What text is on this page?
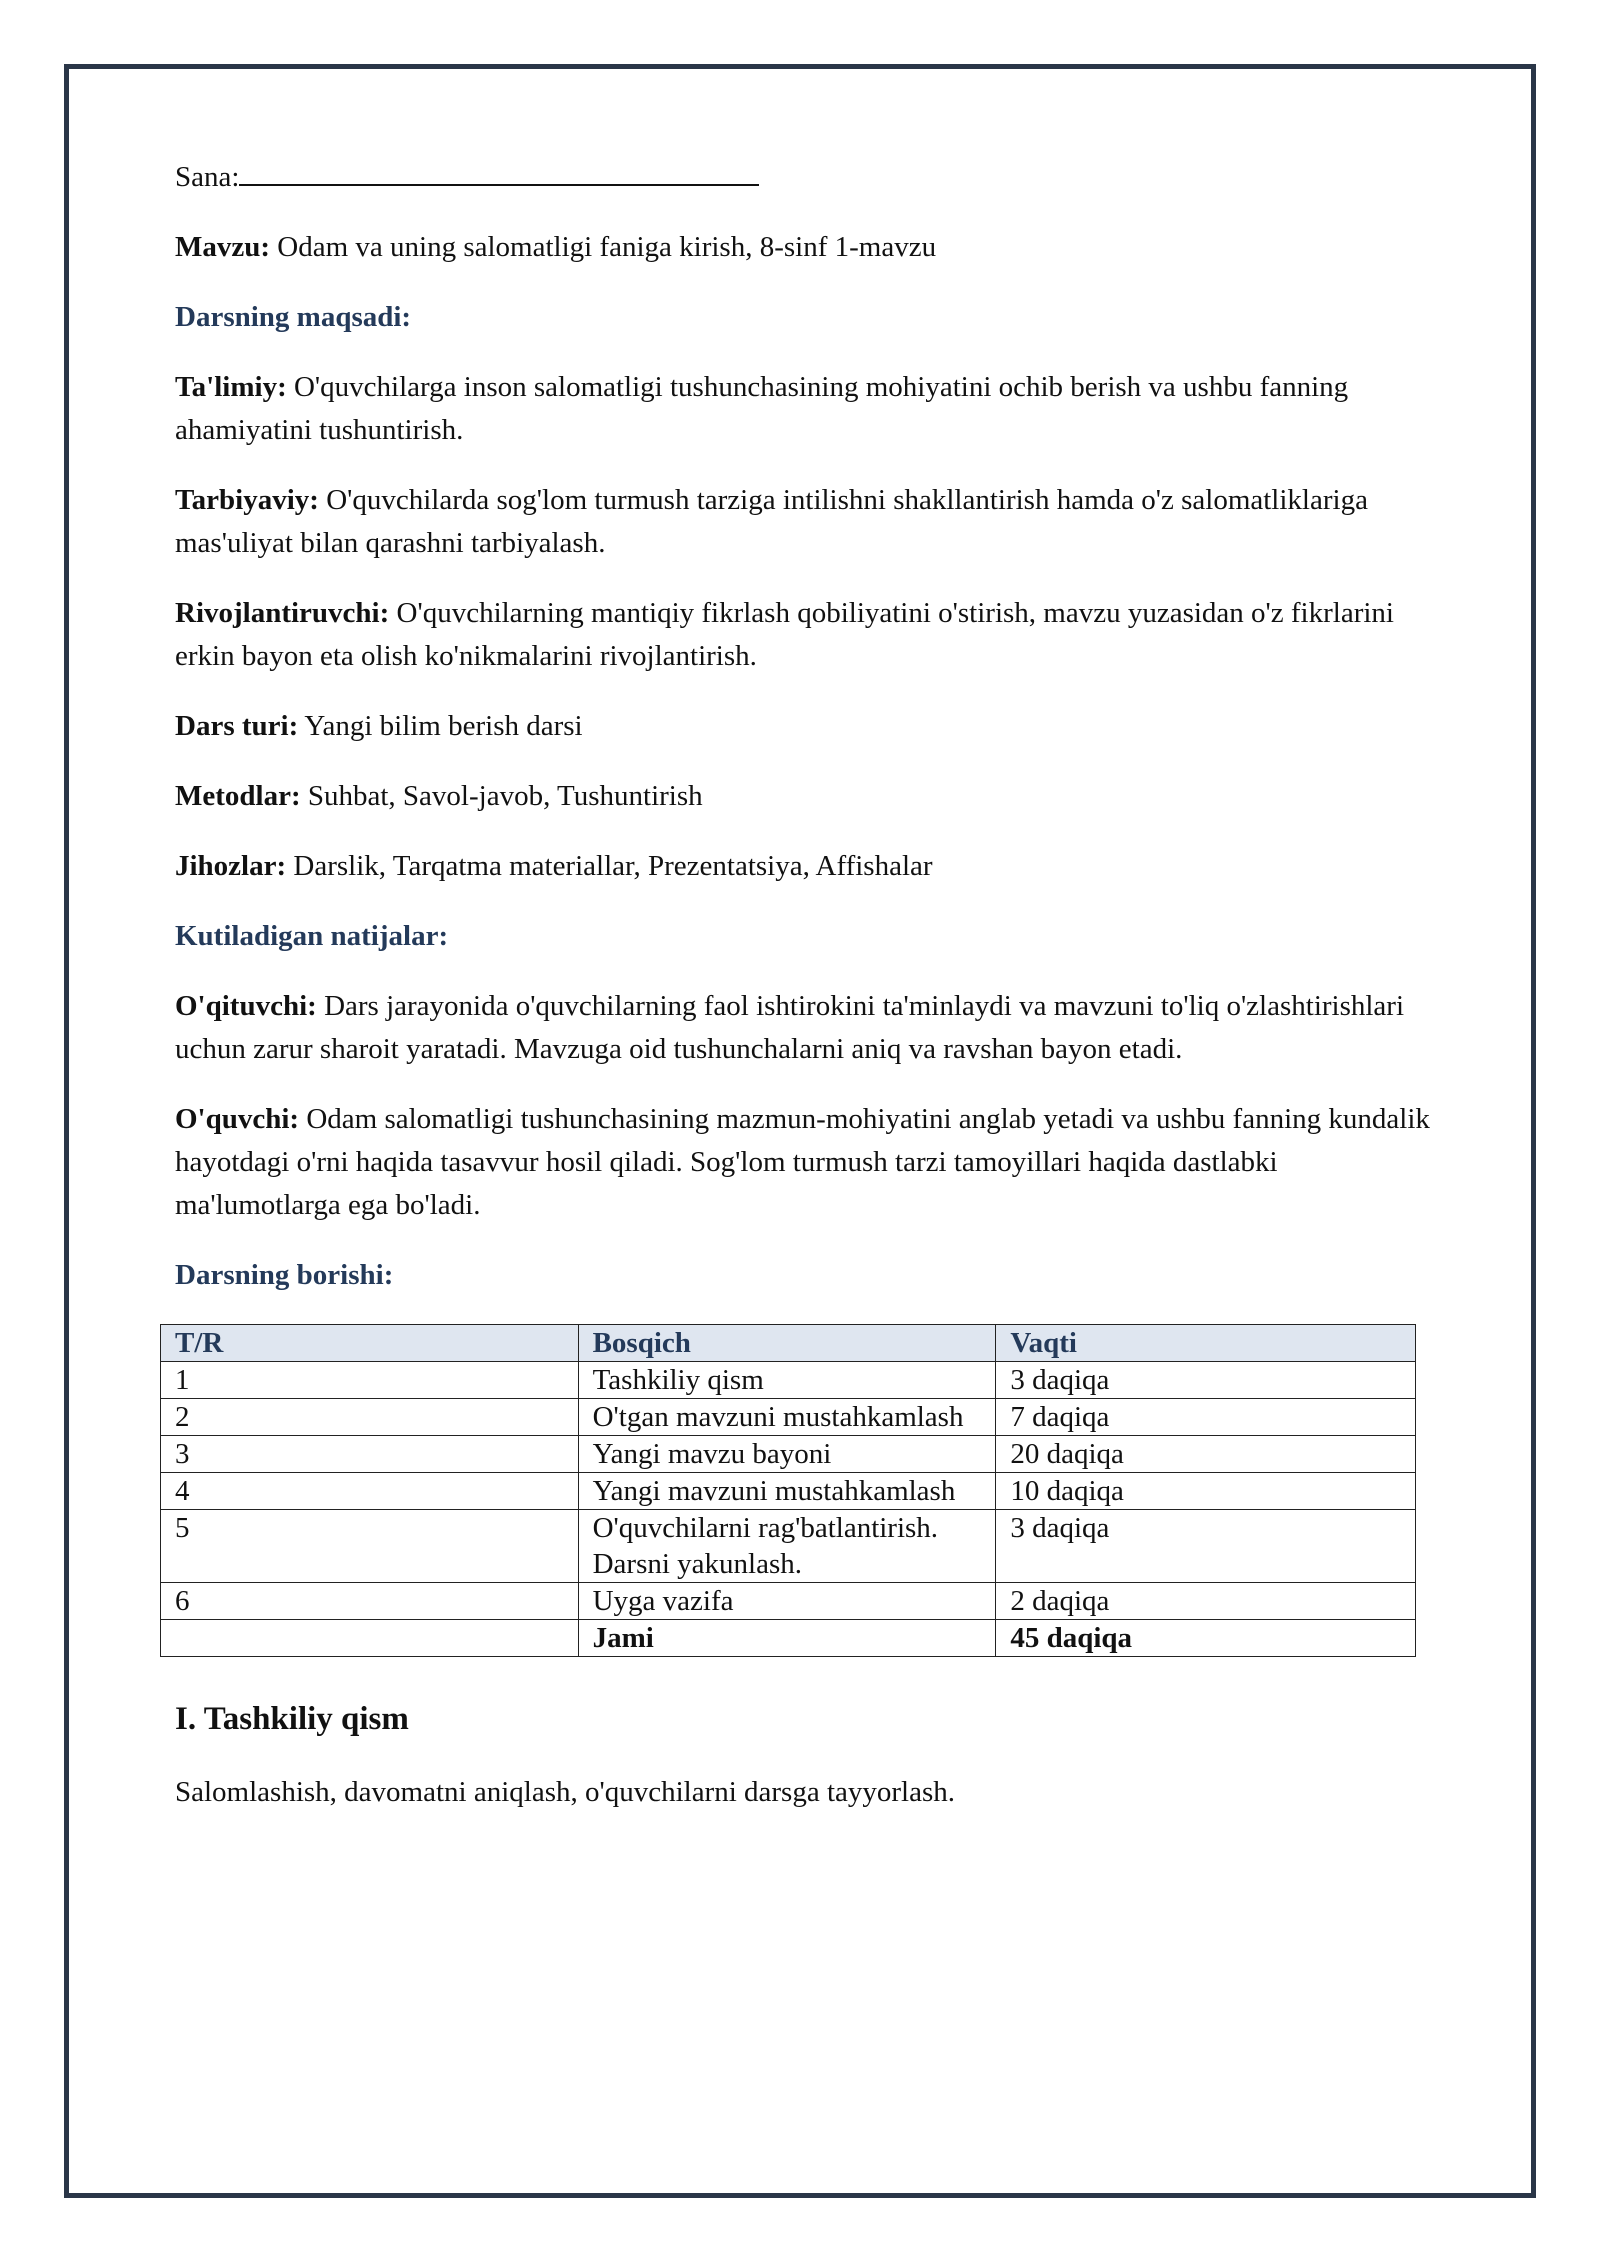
Sana:

Mavzu: Odam va uning salomatligi faniga kirish, 8-sinf 1-mavzu

Darsning maqsadi:

Ta'limiy: O'quvchilarga inson salomatligi tushunchasining mohiyatini ochib berish va ushbu fanning ahamiyatini tushuntirish.

Tarbiyaviy: O'quvchilarda sog'lom turmush tarziga intilishni shakllantirish hamda o'z salomatliklariga mas'uliyat bilan qarashni tarbiyalash.

Rivojlantiruvchi: O'quvchilarning mantiqiy fikrlash qobiliyatini o'stirish, mavzu yuzasidan o'z fikrlarini erkin bayon eta olish ko'nikmalarini rivojlantirish.

Dars turi: Yangi bilim berish darsi

Metodlar: Suhbat, Savol-javob, Tushuntirish

Jihozlar: Darslik, Tarqatma materiallar, Prezentatsiya, Affishalar

Kutiladigan natijalar:

O'qituvchi: Dars jarayonida o'quvchilarning faol ishtirokini ta'minlaydi va mavzuni to'liq o'zlashtirishlari uchun zarur sharoit yaratadi. Mavzuga oid tushunchalarni aniq va ravshan bayon etadi.

O'quvchi: Odam salomatligi tushunchasining mazmun-mohiyatini anglab yetadi va ushbu fanning kundalik hayotdagi o'rni haqida tasavvur hosil qiladi. Sog'lom turmush tarzi tamoyillari haqida dastlabki ma'lumotlarga ega bo'ladi.

Darsning borishi:

T/R	Bosqich	Vaqti
1	Tashkiliy qism	3 daqiqa
2	O'tgan mavzuni mustahkamlash	7 daqiqa
3	Yangi mavzu bayoni	20 daqiqa
4	Yangi mavzuni mustahkamlash	10 daqiqa
5	O'quvchilarni rag'batlantirish. Darsni yakunlash.	3 daqiqa
6	Uyga vazifa	2 daqiqa
	Jami	45 daqiqa
I. Tashkiliy qism

Salomlashish, davomatni aniqlash, o'quvchilarni darsga tayyorlash.
